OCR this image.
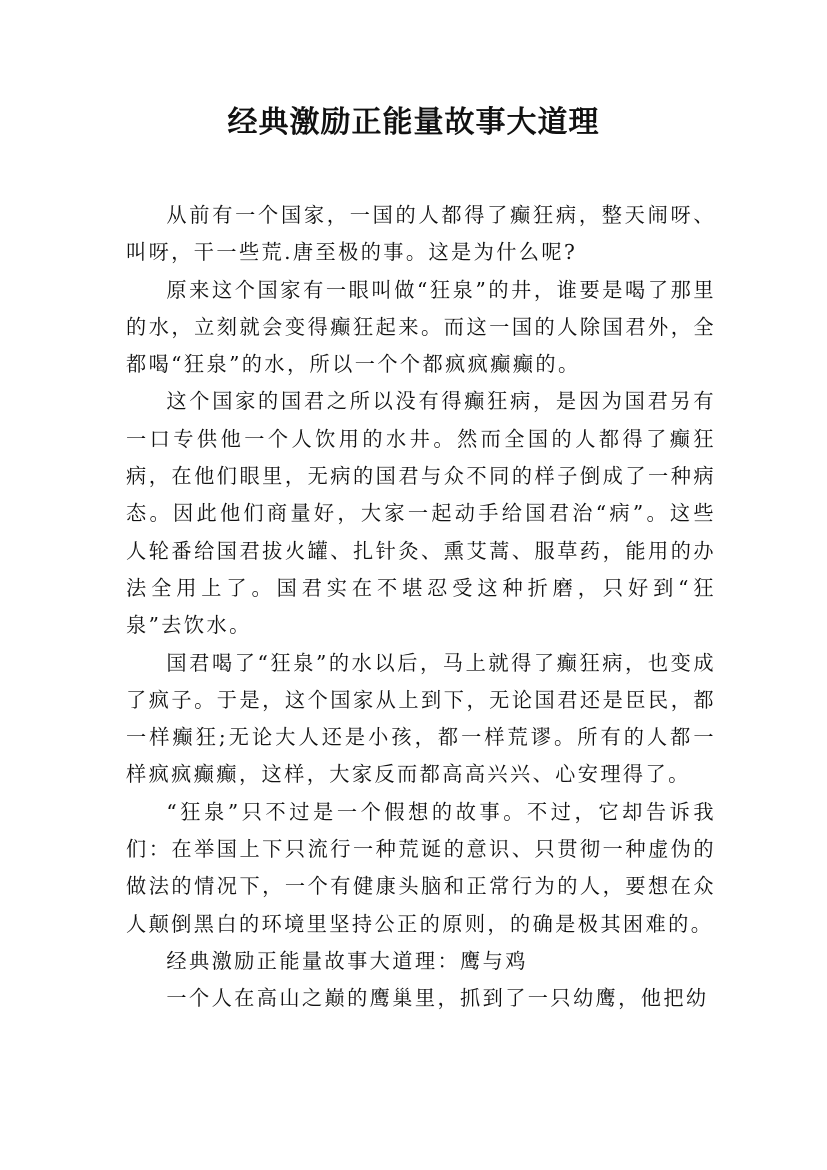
经典激励正能量故事大道理

从前有一个国家，一国的人都得了癫狂病，整天闹呀、叫呀，干一些荒.唐至极的事。这是为什么呢?

原来这个国家有一眼叫做“狂泉”的井，谁要是喝了那里的水，立刻就会变得癫狂起来。而这一国的人除国君外，全都喝“狂泉”的水，所以一个个都疯疯癫癫的。

这个国家的国君之所以没有得癫狂病，是因为国君另有一口专供他一个人饮用的水井。然而全国的人都得了癫狂病，在他们眼里，无病的国君与众不同的样子倒成了一种病态。因此他们商量好，大家一起动手给国君治“病”。这些人轮番给国君拔火罐、扎针灸、熏艾蒿、服草药，能用的办法全用上了。国君实在不堪忍受这种折磨，只好到“狂泉”去饮水。

国君喝了“狂泉”的水以后，马上就得了癫狂病，也变成了疯子。于是，这个国家从上到下，无论国君还是臣民，都一样癫狂;无论大人还是小孩，都一样荒谬。所有的人都一样疯疯癫癫，这样，大家反而都高高兴兴、心安理得了。

“狂泉”只不过是一个假想的故事。不过，它却告诉我们：在举国上下只流行一种荒诞的意识、只贯彻一种虚伪的做法的情况下，一个有健康头脑和正常行为的人，要想在众人颠倒黑白的环境里坚持公正的原则，的确是极其困难的。

经典激励正能量故事大道理：鹰与鸡

一个人在高山之巅的鹰巢里，抓到了一只幼鹰，他把幼
